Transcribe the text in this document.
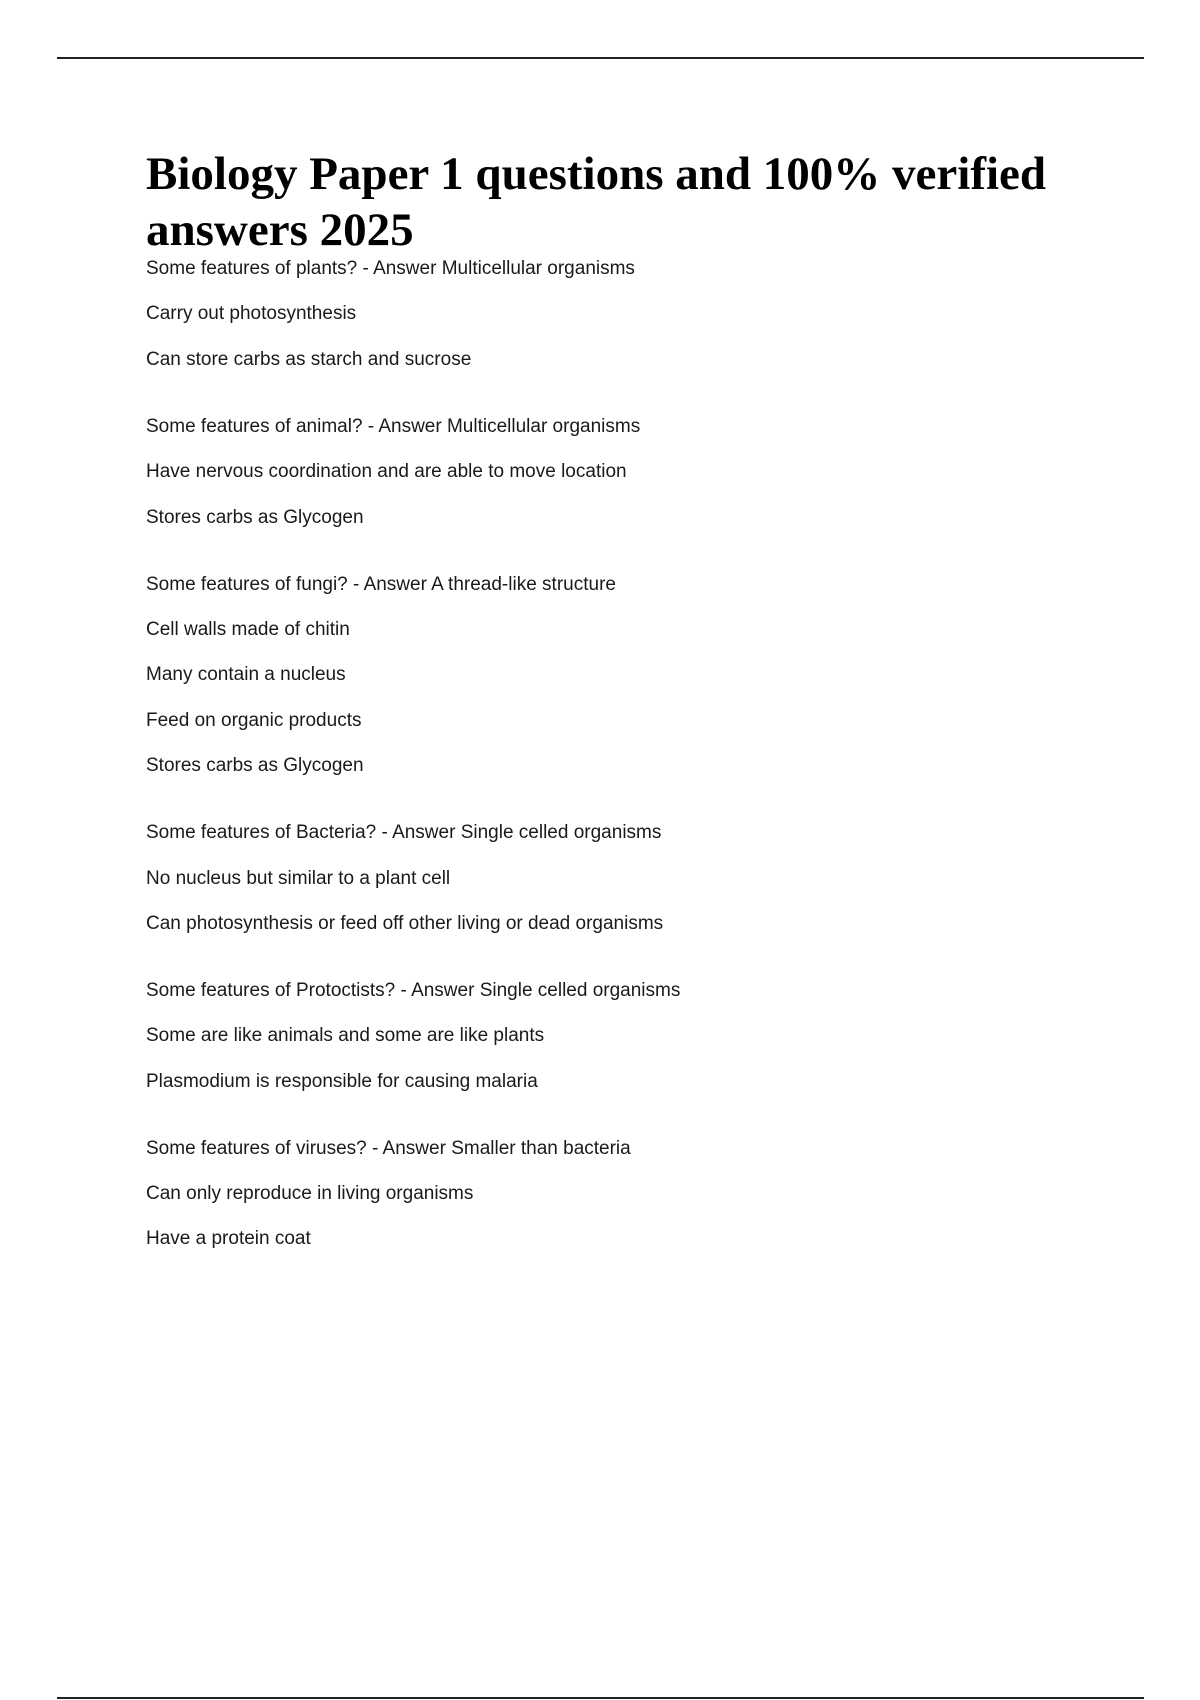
Biology Paper 1 questions and 100% verified answers 2025
Some features of plants? - Answer Multicellular organisms
Carry out photosynthesis
Can store carbs as starch and sucrose
Some features of animal? - Answer Multicellular organisms
Have nervous coordination and are able to move location
Stores carbs as Glycogen
Some features of fungi? - Answer A thread-like structure
Cell walls made of chitin
Many contain a nucleus
Feed on organic products
Stores carbs as Glycogen
Some features of Bacteria? - Answer Single celled organisms
No nucleus but similar to a plant cell
Can photosynthesis or feed off other living or dead organisms
Some features of Protoctists? - Answer Single celled organisms
Some are like animals and some are like plants
Plasmodium is responsible for causing malaria
Some features of viruses? - Answer Smaller than bacteria
Can only reproduce in living organisms
Have a protein coat
